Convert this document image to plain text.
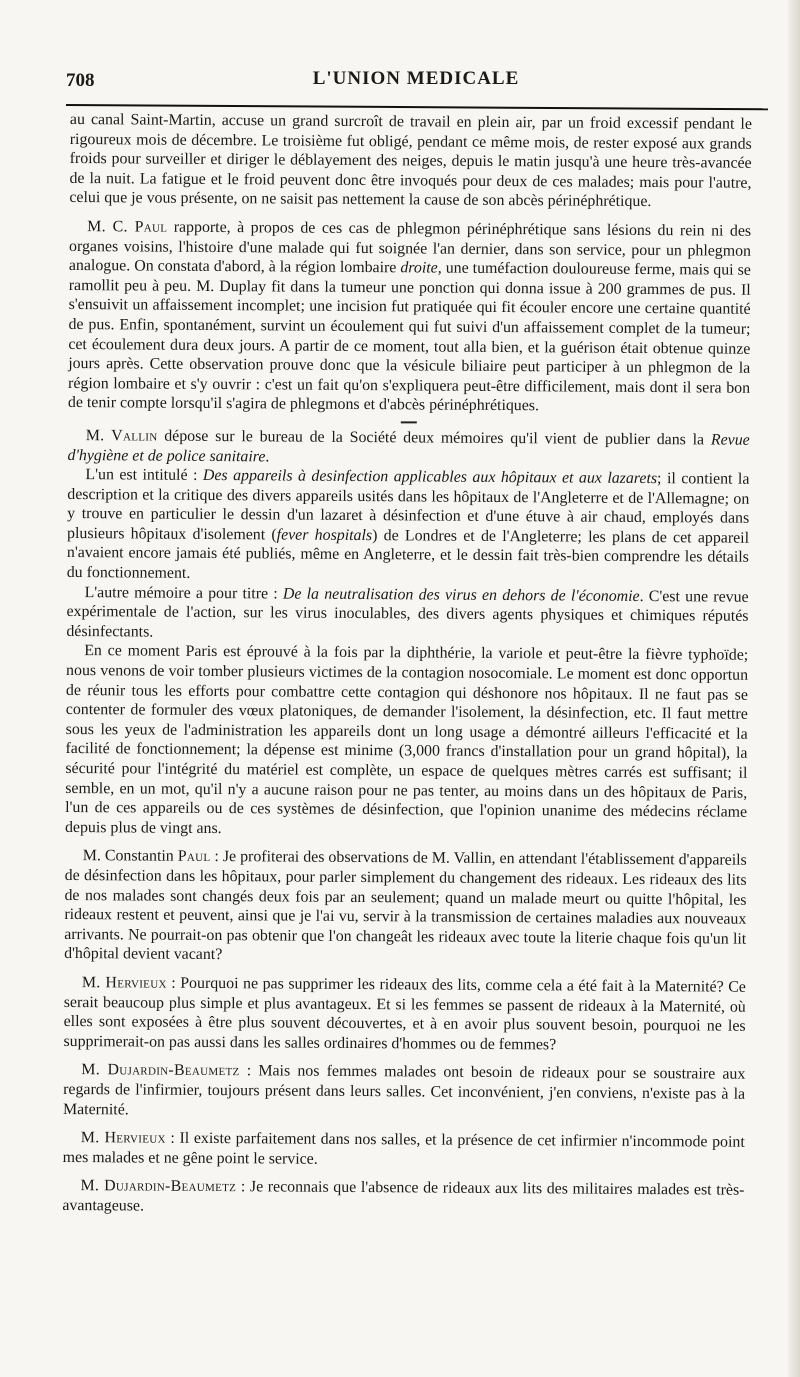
708	L'UNION MEDICALE

au canal Saint-Martin, accuse un grand surcroît de travail en plein air, par un froid excessif pendant le rigoureux mois de décembre. Le troisième fut obligé, pendant ce même mois, de rester exposé aux grands froids pour surveiller et diriger le déblayement des neiges, depuis le matin jusqu'à une heure très-avancée de la nuit. La fatigue et le froid peuvent donc être invoqués pour deux de ces malades; mais pour l'autre, celui que je vous présente, on ne saisit pas nettement la cause de son abcès périnéphrétique.

M. C. Paul rapporte, à propos de ces cas de phlegmon périnéphrétique sans lésions du rein ni des organes voisins, l'histoire d'une malade qui fut soignée l'an dernier, dans son service, pour un phlegmon analogue. On constata d'abord, à la région lombaire droite, une tuméfaction douloureuse ferme, mais qui se ramollit peu à peu. M. Duplay fit dans la tumeur une ponction qui donna issue à 200 grammes de pus. Il s'ensuivit un affaissement incomplet; une incision fut pratiquée qui fit écouler encore une certaine quantité de pus. Enfin, spontanément, survint un écoulement qui fut suivi d'un affaissement complet de la tumeur; cet écoulement dura deux jours. A partir de ce moment, tout alla bien, et la guérison était obtenue quinze jours après. Cette observation prouve donc que la vésicule biliaire peut participer à un phlegmon de la région lombaire et s'y ouvrir : c'est un fait qu'on s'expliquera peut-être difficilement, mais dont il sera bon de tenir compte lorsqu'il s'agira de phlegmons et d'abcès périnéphrétiques.

M. Vallin dépose sur le bureau de la Société deux mémoires qu'il vient de publier dans la Revue d'hygiène et de police sanitaire.

L'un est intitulé : Des appareils à desinfection applicables aux hôpitaux et aux lazarets; il contient la description et la critique des divers appareils usités dans les hôpitaux de l'Angleterre et de l'Allemagne; on y trouve en particulier le dessin d'un lazaret à désinfection et d'une étuve à air chaud, employés dans plusieurs hôpitaux d'isolement (fever hospitals) de Londres et de l'Angleterre; les plans de cet appareil n'avaient encore jamais été publiés, même en Angleterre, et le dessin fait très-bien comprendre les détails du fonctionnement.

L'autre mémoire a pour titre : De la neutralisation des virus en dehors de l'économie. C'est une revue expérimentale de l'action, sur les virus inoculables, des divers agents physiques et chimiques réputés désinfectants.

En ce moment Paris est éprouvé à la fois par la diphthérie, la variole et peut-être la fièvre typhoïde; nous venons de voir tomber plusieurs victimes de la contagion nosocomiale. Le moment est donc opportun de réunir tous les efforts pour combattre cette contagion qui déshonore nos hôpitaux. Il ne faut pas se contenter de formuler des vœux platoniques, de demander l'isolement, la désinfection, etc. Il faut mettre sous les yeux de l'administration les appareils dont un long usage a démontré ailleurs l'efficacité et la facilité de fonctionnement; la dépense est minime (3,000 francs d'installation pour un grand hôpital), la sécurité pour l'intégrité du matériel est complète, un espace de quelques mètres carrés est suffisant; il semble, en un mot, qu'il n'y a aucune raison pour ne pas tenter, au moins dans un des hôpitaux de Paris, l'un de ces appareils ou de ces systèmes de désinfection, que l'opinion unanime des médecins réclame depuis plus de vingt ans.

M. Constantin Paul : Je profiterai des observations de M. Vallin, en attendant l'établissement d'appareils de désinfection dans les hôpitaux, pour parler simplement du changement des rideaux. Les rideaux des lits de nos malades sont changés deux fois par an seulement; quand un malade meurt ou quitte l'hôpital, les rideaux restent et peuvent, ainsi que je l'ai vu, servir à la transmission de certaines maladies aux nouveaux arrivants. Ne pourrait-on pas obtenir que l'on changeât les rideaux avec toute la literie chaque fois qu'un lit d'hôpital devient vacant?

M. Hervieux : Pourquoi ne pas supprimer les rideaux des lits, comme cela a été fait à la Maternité? Ce serait beaucoup plus simple et plus avantageux. Et si les femmes se passent de rideaux à la Maternité, où elles sont exposées à être plus souvent découvertes, et à en avoir plus souvent besoin, pourquoi ne les supprimerait-on pas aussi dans les salles ordinaires d'hommes ou de femmes?

M. Dujardin-Beaumetz : Mais nos femmes malades ont besoin de rideaux pour se soustraire aux regards de l'infirmier, toujours présent dans leurs salles. Cet inconvénient, j'en conviens, n'existe pas à la Maternité.

M. Hervieux : Il existe parfaitement dans nos salles, et la présence de cet infirmier n'incommode point mes malades et ne gêne point le service.

M. Dujardin-Beaumetz : Je reconnais que l'absence de rideaux aux lits des militaires malades est très-avantageuse.
